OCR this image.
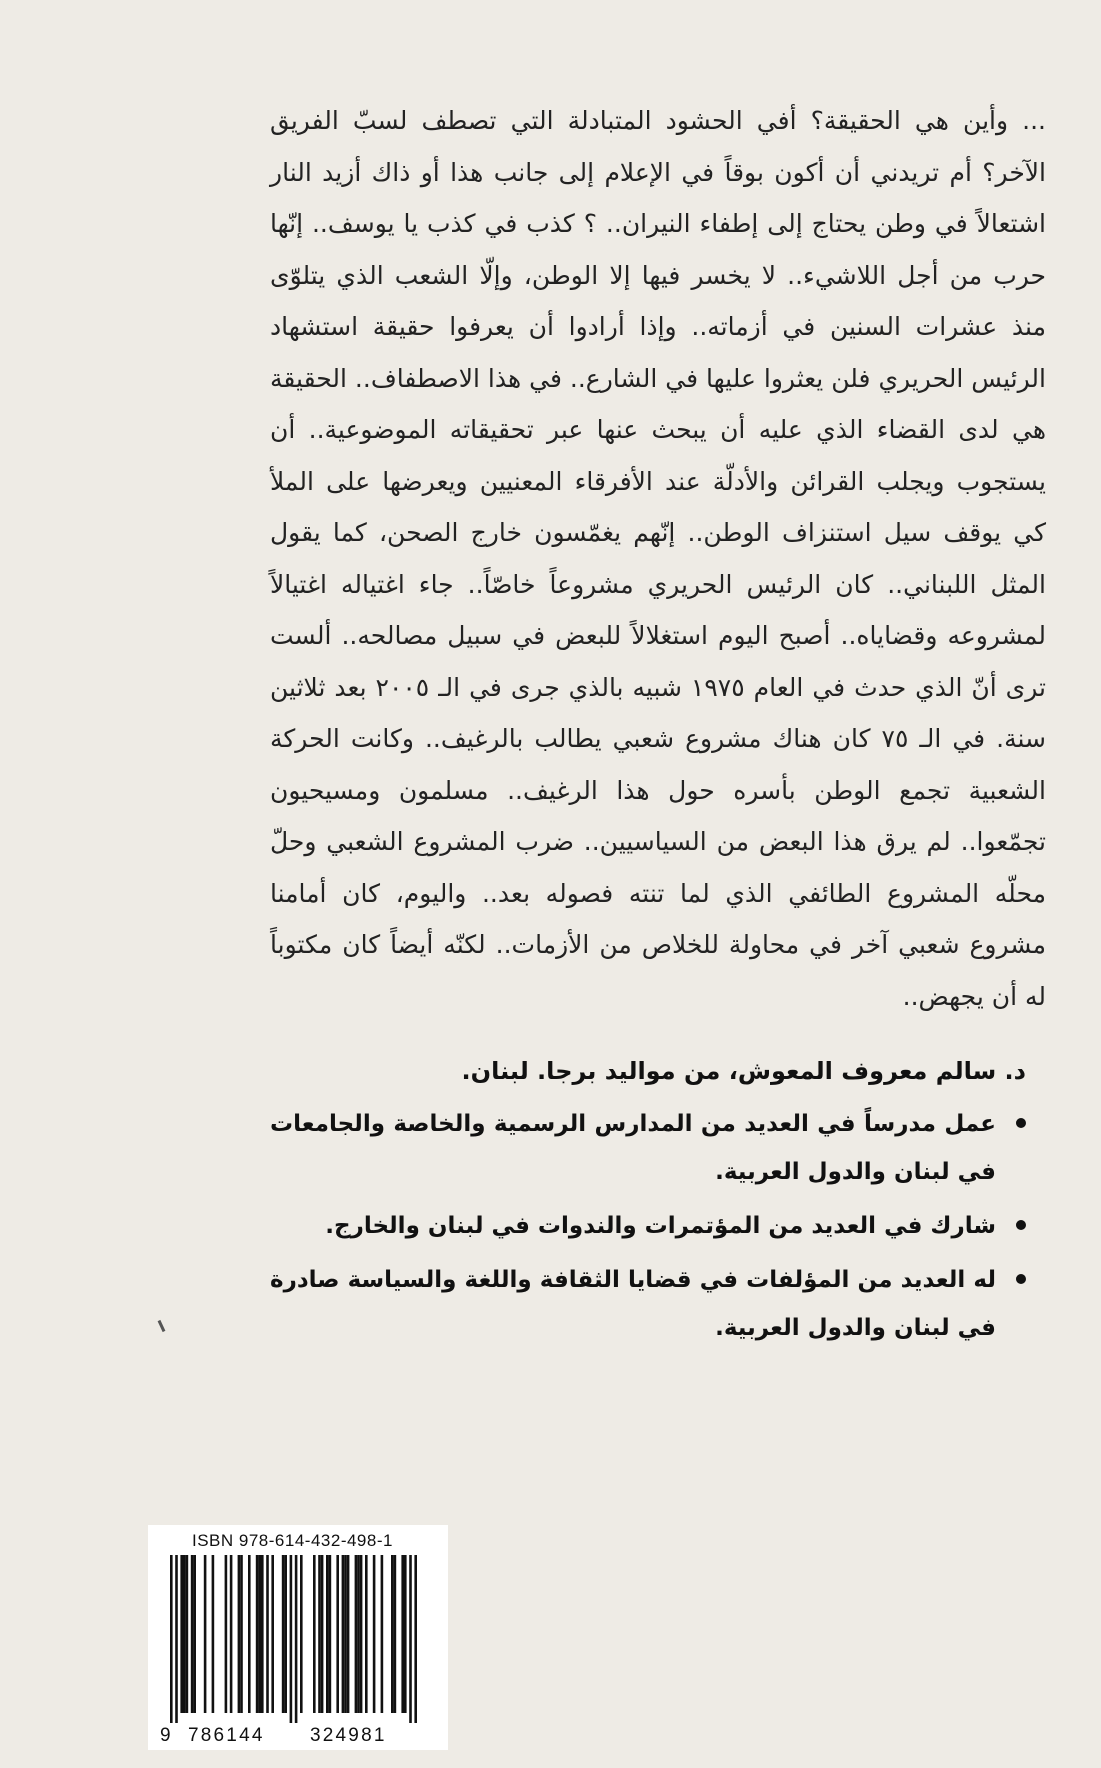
... وأين هي الحقيقة؟ أفي الحشود المتبادلة التي تصطف لسبّ الفريق الآخر؟ أم تريدني أن أكون بوقاً في الإعلام إلى جانب هذا أو ذاك أزيد النار اشتعالاً في وطن يحتاج إلى إطفاء النيران.. ؟ كذب في كذب يا يوسف.. إنّها حرب من أجل اللاشيء.. لا يخسر فيها إلا الوطن، وإلّا الشعب الذي يتلوّى منذ عشرات السنين في أزماته.. وإذا أرادوا أن يعرفوا حقيقة استشهاد الرئيس الحريري فلن يعثروا عليها في الشارع.. في هذا الاصطفاف.. الحقيقة هي لدى القضاء الذي عليه أن يبحث عنها عبر تحقيقاته الموضوعية.. أن يستجوب ويجلب القرائن والأدلّة عند الأفرقاء المعنيين ويعرضها على الملأ كي يوقف سيل استنزاف الوطن.. إنّهم يغمّسون خارج الصحن، كما يقول المثل اللبناني.. كان الرئيس الحريري مشروعاً خاصّاً.. جاء اغتياله اغتيالاً لمشروعه وقضاياه.. أصبح اليوم استغلالاً للبعض في سبيل مصالحه.. ألست ترى أنّ الذي حدث في العام ١٩٧٥ شبيه بالذي جرى في الـ ٢٠٠٥ بعد ثلاثين سنة. في الـ ٧٥ كان هناك مشروع شعبي يطالب بالرغيف.. وكانت الحركة الشعبية تجمع الوطن بأسره حول هذا الرغيف.. مسلمون ومسيحيون تجمّعوا.. لم يرق هذا البعض من السياسيين.. ضرب المشروع الشعبي وحلّ محلّه المشروع الطائفي الذي لما تنته فصوله بعد.. واليوم، كان أمامنا مشروع شعبي آخر في محاولة للخلاص من الأزمات.. لكنّه أيضاً كان مكتوباً له أن يجهض..

د. سالم معروف المعوش، من مواليد برجا. لبنان.
عمل مدرساً في العديد من المدارس الرسمية والخاصة والجامعات في لبنان والدول العربية.
شارك في العديد من المؤتمرات والندوات في لبنان والخارج.
له العديد من المؤلفات في قضايا الثقافة واللغة والسياسة صادرة في لبنان والدول العربية.
ISBN 978-614-432-498-1
9 786144 324981
